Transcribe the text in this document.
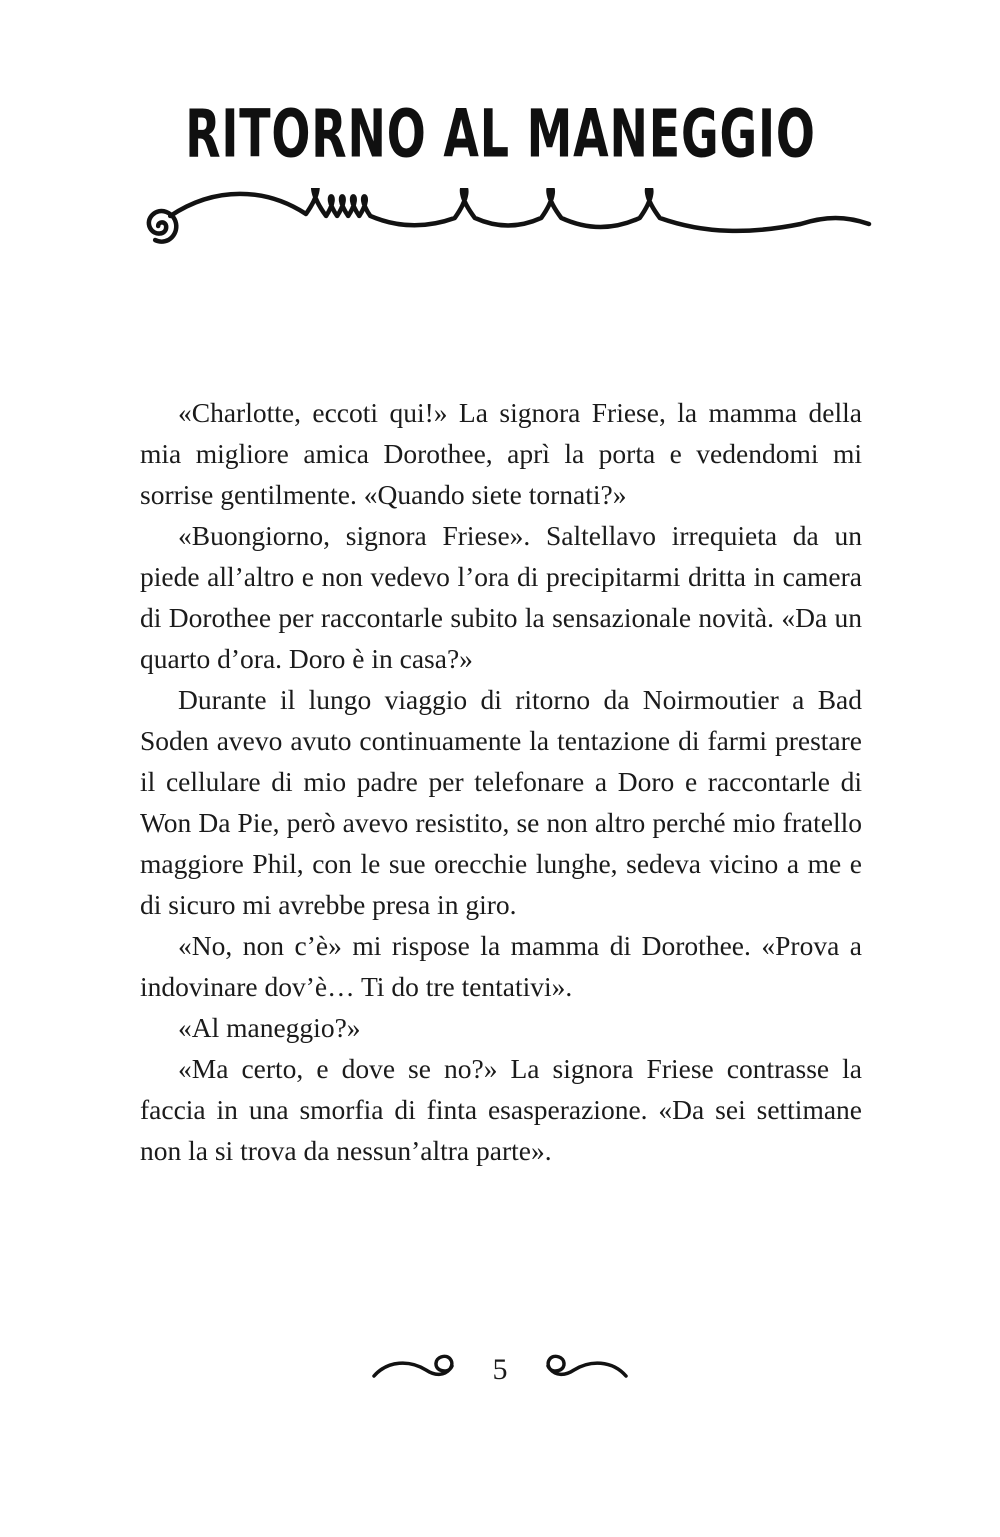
RITORNO AL MANEGGIO

«Charlotte, eccoti qui!» La signora Friese, la mamma della mia migliore amica Dorothee, aprì la porta e vedendomi mi sorrise gentilmente. «Quando siete tornati?»

«Buongiorno, signora Friese». Saltellavo irrequieta da un piede all’altro e non vedevo l’ora di precipitarmi dritta in camera di Dorothee per raccontarle subito la sensazionale novità. «Da un quarto d’ora. Doro è in casa?»

Durante il lungo viaggio di ritorno da Noirmoutier a Bad Soden avevo avuto continuamente la tentazione di farmi prestare il cellulare di mio padre per telefonare a Doro e raccontarle di Won Da Pie, però avevo resistito, se non altro perché mio fratello maggiore Phil, con le sue orecchie lunghe, sedeva vicino a me e di sicuro mi avrebbe presa in giro.

«No, non c’è» mi rispose la mamma di Dorothee. «Prova a indovinare dov’è… Ti do tre tentativi».

«Al maneggio?»

«Ma certo, e dove se no?» La signora Friese contrasse la faccia in una smorfia di finta esasperazione. «Da sei settimane non la si trova da nessun’altra parte».

5
